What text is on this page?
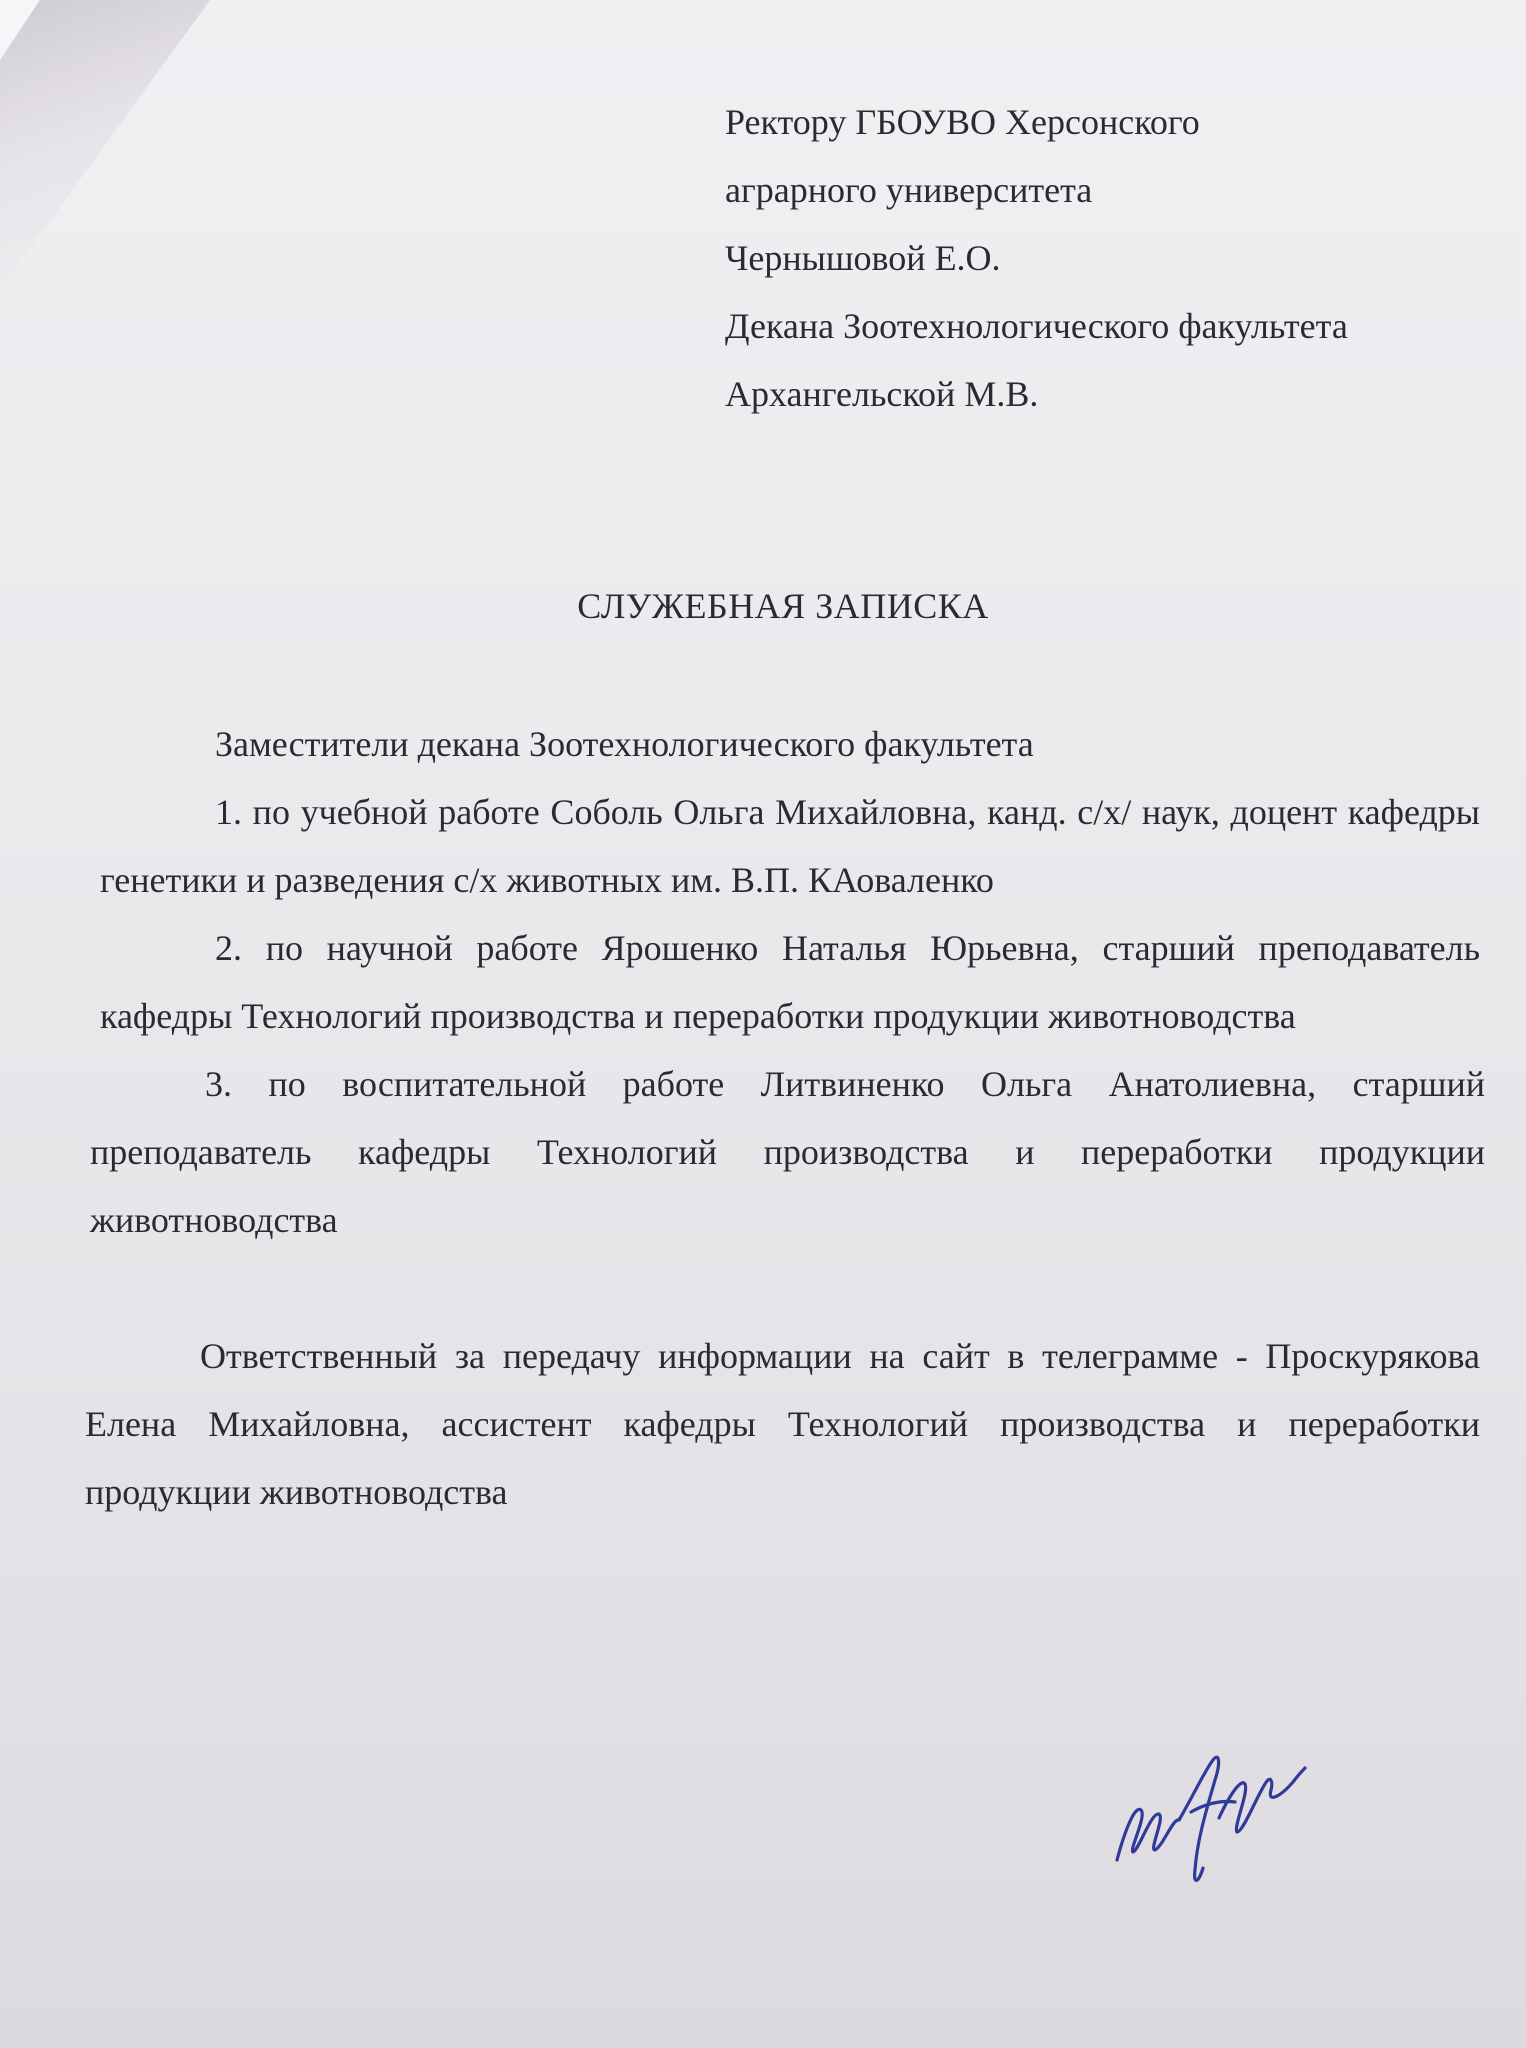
Ректору ГБОУВО Херсонского
аграрного университета
Чернышовой Е.О.
Декана Зоотехнологического факультета
Архангельской М.В.
СЛУЖЕБНАЯ ЗАПИСКА

Заместители декана Зоотехнологического факультета

1. по учебной работе Соболь Ольга Михайловна, канд. с/х/ наук, доцент кафедры генетики и разведения с/х животных им. В.П. КАоваленко

2. по научной работе Ярошенко Наталья Юрьевна, старший преподаватель кафедры Технологий производства и переработки продукции животноводства

3. по воспитательной работе Литвиненко Ольга Анатолиевна, старший преподаватель кафедры Технологий производства и переработки продукции животноводства

Ответственный за передачу информации на сайт в телеграмме - Проскурякова Елена Михайловна, ассистент кафедры Технологий производства и переработки продукции животноводства
